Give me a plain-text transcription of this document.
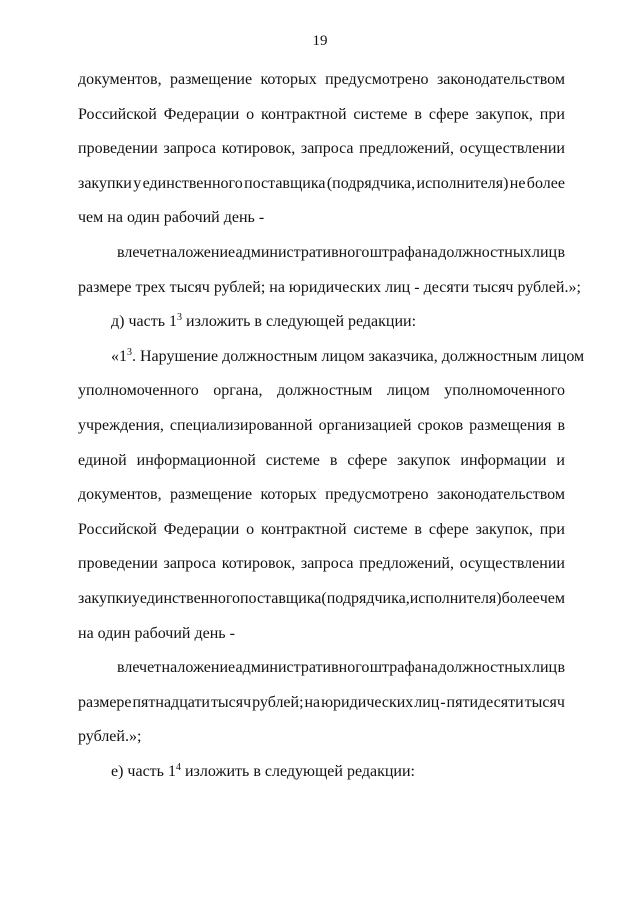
19
документов, размещение которых предусмотрено законодательством
Российской Федерации о контрактной системе в сфере закупок, при
проведении запроса котировок, запроса предложений, осуществлении
закупки у единственного поставщика (подрядчика, исполнителя) не более
чем на один рабочий день -
влечет наложение административного штрафа на должностных лиц в
размере трех тысяч рублей; на юридических лиц - десяти тысяч рублей.»;
д) часть $1^3$ изложить в следующей редакции:
«$1^3$. Нарушение должностным лицом заказчика, должностным лицом
уполномоченного органа, должностным лицом уполномоченного
учреждения, специализированной организацией сроков размещения в
единой информационной системе в сфере закупок информации и
документов, размещение которых предусмотрено законодательством
Российской Федерации о контрактной системе в сфере закупок, при
проведении запроса котировок, запроса предложений, осуществлении
закупки у единственного поставщика (подрядчика, исполнителя) более чем
на один рабочий день -
влечет наложение административного штрафа на должностных лиц в
размере пятнадцати тысяч рублей; на юридических лиц - пятидесяти тысяч
рублей.»;
е) часть $1^4$ изложить в следующей редакции:
